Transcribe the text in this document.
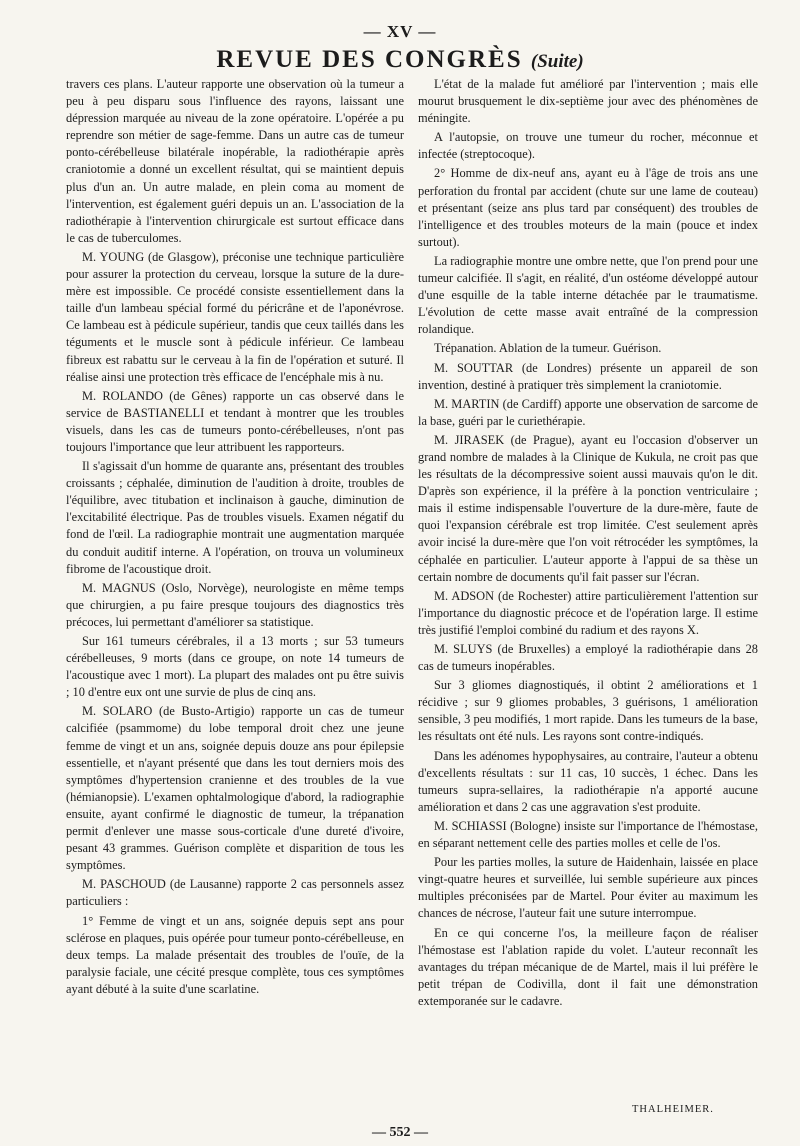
— XV —
REVUE DES CONGRÈS (Suite)

travers ces plans. L'auteur rapporte une observation où la tumeur a peu à peu disparu sous l'influence des rayons, laissant une dépression marquée au niveau de la zone opératoire. L'opérée a pu reprendre son métier de sage-femme. Dans un autre cas de tumeur ponto-cérébelleuse bilatérale inopérable, la radiothérapie après craniotomie a donné un excellent résultat, qui se maintient depuis plus d'un an. Un autre malade, en plein coma au moment de l'intervention, est également guéri depuis un an. L'association de la radiothérapie à l'intervention chirurgicale est surtout efficace dans le cas de tuberculomes.

M. YOUNG (de Glasgow), préconise une technique particulière pour assurer la protection du cerveau, lorsque la suture de la dure-mère est impossible. Ce procédé consiste essentiellement dans la taille d'un lambeau spécial formé du péricrâne et de l'aponévrose. Ce lambeau est à pédicule supérieur, tandis que ceux taillés dans les téguments et le muscle sont à pédicule inférieur. Ce lambeau fibreux est rabattu sur le cerveau à la fin de l'opération et suturé. Il réalise ainsi une protection très efficace de l'encéphale mis à nu.

M. ROLANDO (de Gênes) rapporte un cas observé dans le service de BASTIANELLI et tendant à montrer que les troubles visuels, dans les cas de tumeurs ponto-cérébelleuses, n'ont pas toujours l'importance que leur attribuent les rapporteurs.

Il s'agissait d'un homme de quarante ans, présentant des troubles croissants ; céphalée, diminution de l'audition à droite, troubles de l'équilibre, avec titubation et inclinaison à gauche, diminution de l'excitabilité électrique. Pas de troubles visuels. Examen négatif du fond de l'œil. La radiographie montrait une augmentation marquée du conduit auditif interne. A l'opération, on trouva un volumineux fibrome de l'acoustique droit.

M. MAGNUS (Oslo, Norvège), neurologiste en même temps que chirurgien, a pu faire presque toujours des diagnostics très précoces, lui permettant d'améliorer sa statistique.

Sur 161 tumeurs cérébrales, il a 13 morts ; sur 53 tumeurs cérébelleuses, 9 morts (dans ce groupe, on note 14 tumeurs de l'acoustique avec 1 mort). La plupart des malades ont pu être suivis ; 10 d'entre eux ont une survie de plus de cinq ans.

M. SOLARO (de Busto-Artigio) rapporte un cas de tumeur calcifiée (psammome) du lobe temporal droit chez une jeune femme de vingt et un ans, soignée depuis douze ans pour épilepsie essentielle, et n'ayant présenté que dans les tout derniers mois des symptômes d'hypertension cranienne et des troubles de la vue (hémianopsie). L'examen ophtalmologique d'abord, la radiographie ensuite, ayant confirmé le diagnostic de tumeur, la trépanation permit d'enlever une masse sous-corticale d'une dureté d'ivoire, pesant 43 grammes. Guérison complète et disparition de tous les symptômes.

M. PASCHOUD (de Lausanne) rapporte 2 cas personnels assez particuliers :

1° Femme de vingt et un ans, soignée depuis sept ans pour sclérose en plaques, puis opérée pour tumeur ponto-cérébelleuse, en deux temps. La malade présentait des troubles de l'ouïe, de la paralysie faciale, une cécité presque complète, tous ces symptômes ayant débuté à la suite d'une scarlatine.

L'état de la malade fut amélioré par l'intervention ; mais elle mourut brusquement le dix-septième jour avec des phénomènes de méningite.

A l'autopsie, on trouve une tumeur du rocher, méconnue et infectée (streptocoque).

2° Homme de dix-neuf ans, ayant eu à l'âge de trois ans une perforation du frontal par accident (chute sur une lame de couteau) et présentant (seize ans plus tard par conséquent) des troubles de l'intelligence et des troubles moteurs de la main (pouce et index surtout).

La radiographie montre une ombre nette, que l'on prend pour une tumeur calcifiée. Il s'agit, en réalité, d'un ostéome développé autour d'une esquille de la table interne détachée par le traumatisme. L'évolution de cette masse avait entraîné de la compression rolandique.

Trépanation. Ablation de la tumeur. Guérison.

M. SOUTTAR (de Londres) présente un appareil de son invention, destiné à pratiquer très simplement la craniotomie.

M. MARTIN (de Cardiff) apporte une observation de sarcome de la base, guéri par le curiethérapie.

M. JIRASEK (de Prague), ayant eu l'occasion d'observer un grand nombre de malades à la Clinique de Kukula, ne croit pas que les résultats de la décompressive soient aussi mauvais qu'on le dit. D'après son expérience, il la préfère à la ponction ventriculaire ; mais il estime indispensable l'ouverture de la dure-mère, faute de quoi l'expansion cérébrale est trop limitée. C'est seulement après avoir incisé la dure-mère que l'on voit rétrocéder les symptômes, la céphalée en particulier. L'auteur apporte à l'appui de sa thèse un certain nombre de documents qu'il fait passer sur l'écran.

M. ADSON (de Rochester) attire particulièrement l'attention sur l'importance du diagnostic précoce et de l'opération large. Il estime très justifié l'emploi combiné du radium et des rayons X.

M. SLUYS (de Bruxelles) a employé la radiothérapie dans 28 cas de tumeurs inopérables.

Sur 3 gliomes diagnostiqués, il obtint 2 améliorations et 1 récidive ; sur 9 gliomes probables, 3 guérisons, 1 amélioration sensible, 3 peu modifiés, 1 mort rapide. Dans les tumeurs de la base, les résultats ont été nuls. Les rayons sont contre-indiqués.

Dans les adénomes hypophysaires, au contraire, l'auteur a obtenu d'excellents résultats : sur 11 cas, 10 succès, 1 échec. Dans les tumeurs supra-sellaires, la radiothérapie n'a apporté aucune amélioration et dans 2 cas une aggravation s'est produite.

M. SCHIASSI (Bologne) insiste sur l'importance de l'hémostase, en séparant nettement celle des parties molles et celle de l'os.

Pour les parties molles, la suture de Haidenhain, laissée en place vingt-quatre heures et surveillée, lui semble supérieure aux pinces multiples préconisées par de Martel. Pour éviter au maximum les chances de nécrose, l'auteur fait une suture interrompue.

En ce qui concerne l'os, la meilleure façon de réaliser l'hémostase est l'ablation rapide du volet. L'auteur reconnaît les avantages du trépan mécanique de de Martel, mais il lui préfère le petit trépan de Codivilla, dont il fait une démonstration extemporanée sur le cadavre.

THALHEIMER.
— 552 —
